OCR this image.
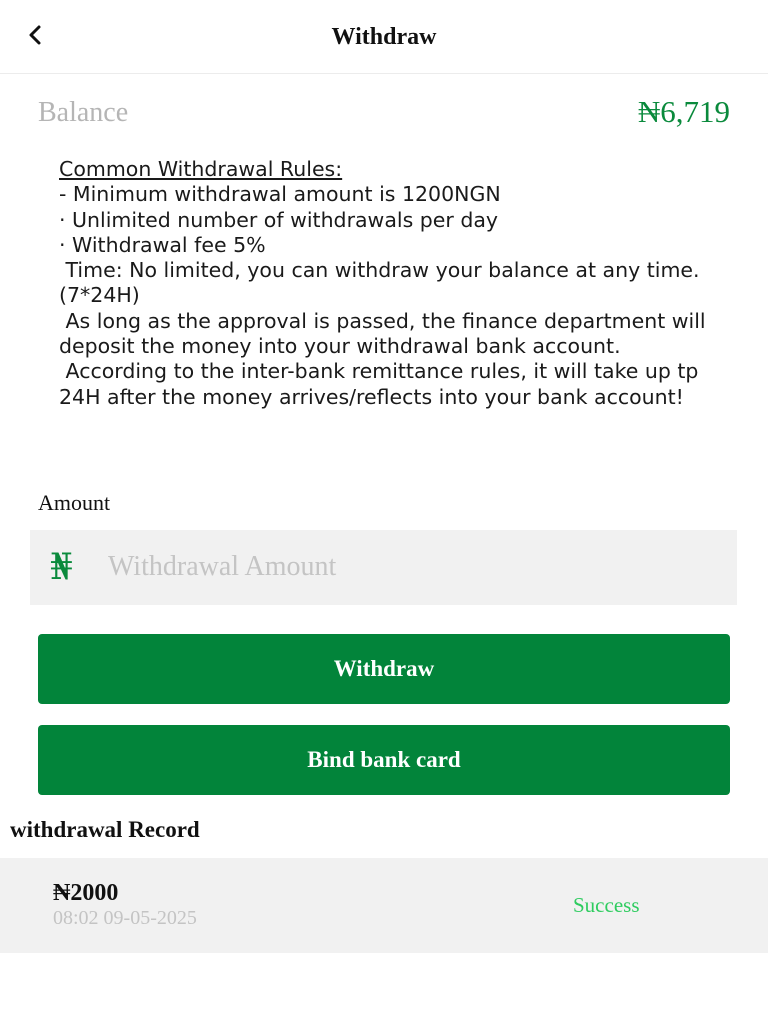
Withdraw
Balance	₦6,719
Common Withdrawal Rules:
- Minimum withdrawal amount is 1200NGN
· Unlimited number of withdrawals per day
· Withdrawal fee 5%
Time: No limited, you can withdraw your balance at any time. (7*24H)
As long as the approval is passed, the finance department will deposit the money into your withdrawal bank account.
According to the inter-bank remittance rules, it will take up tp 24H after the money arrives/reflects into your bank account!
Amount
₦
Withdrawal Amount
Withdraw
Bind bank card
withdrawal Record
₦2000
08:02 09-05-2025
Success
